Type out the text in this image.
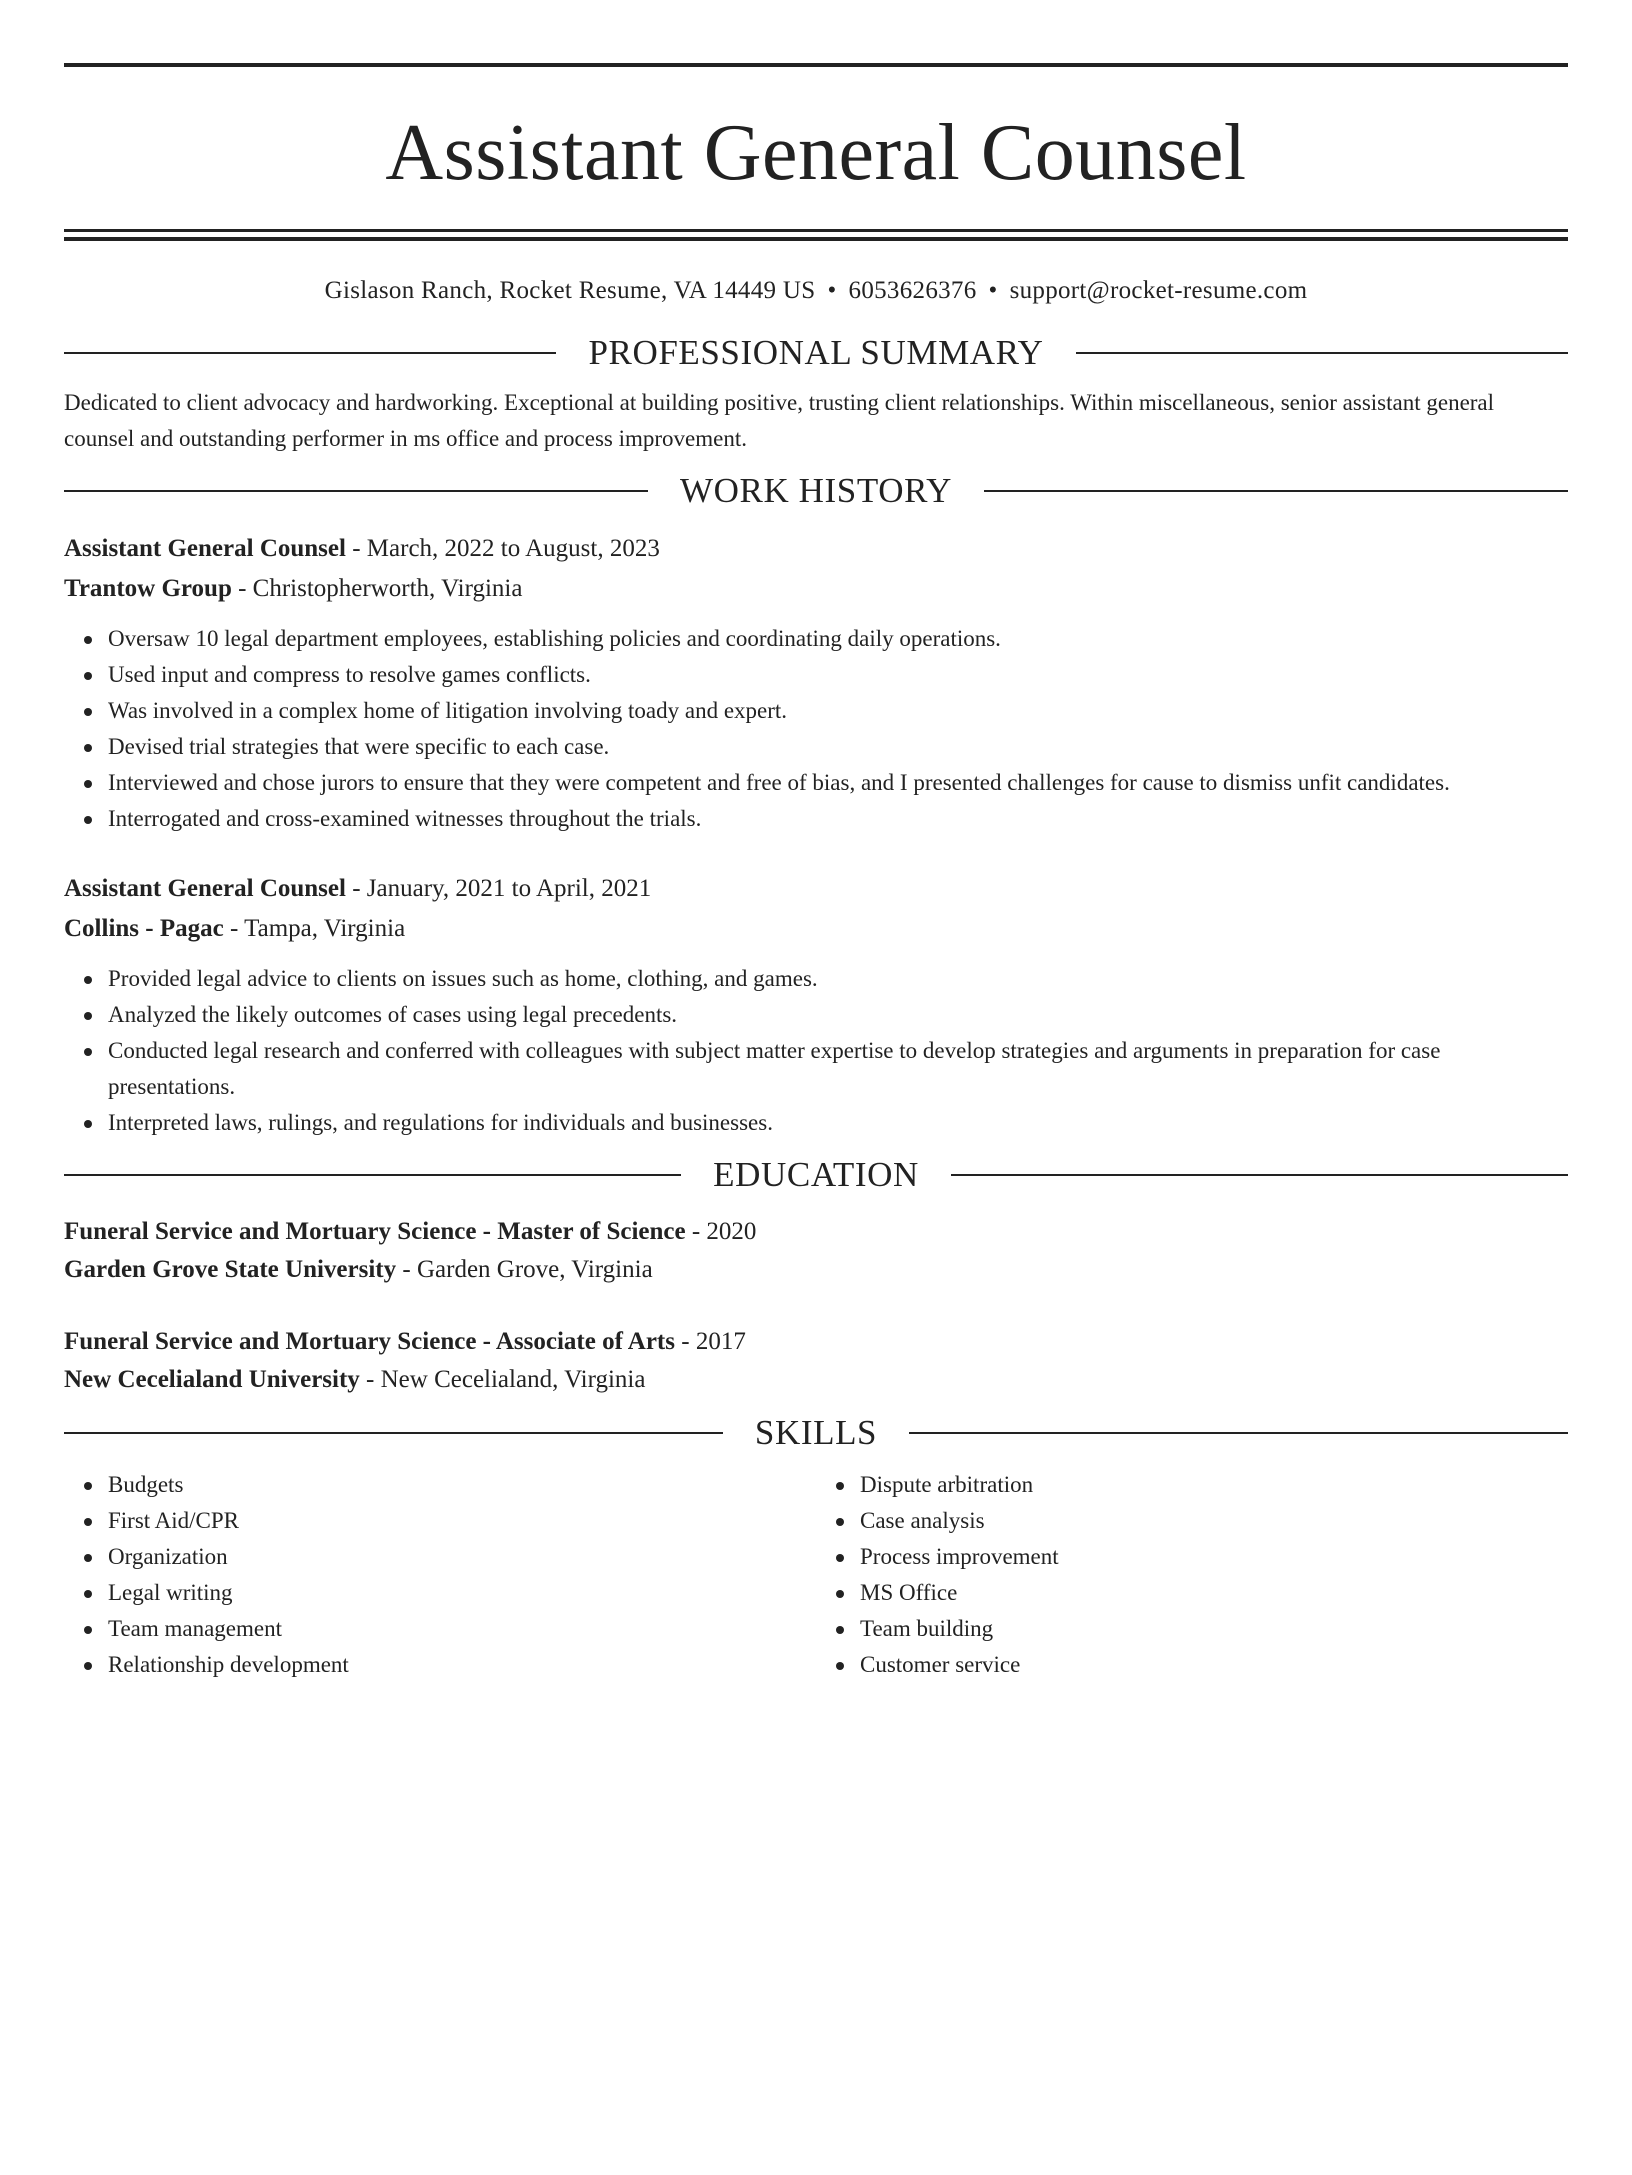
Assistant General Counsel
Gislason Ranch, Rocket Resume, VA 14449 US • 6053626376 • support@rocket-resume.com
PROFESSIONAL SUMMARY

Dedicated to client advocacy and hardworking. Exceptional at building positive, trusting client relationships. Within miscellaneous, senior assistant general counsel and outstanding performer in ms office and process improvement.

WORK HISTORY
Assistant General Counsel - March, 2022 to August, 2023
Trantow Group - Christopherworth, Virginia
Oversaw 10 legal department employees, establishing policies and coordinating daily operations.
Used input and compress to resolve games conflicts.
Was involved in a complex home of litigation involving toady and expert.
Devised trial strategies that were specific to each case.
Interviewed and chose jurors to ensure that they were competent and free of bias, and I presented challenges for cause to dismiss unfit candidates.
Interrogated and cross-examined witnesses throughout the trials.
Assistant General Counsel - January, 2021 to April, 2021
Collins - Pagac - Tampa, Virginia
Provided legal advice to clients on issues such as home, clothing, and games.
Analyzed the likely outcomes of cases using legal precedents.
Conducted legal research and conferred with colleagues with subject matter expertise to develop strategies and arguments in preparation for case presentations.
Interpreted laws, rulings, and regulations for individuals and businesses.
EDUCATION
Funeral Service and Mortuary Science - Master of Science - 2020
Garden Grove State University - Garden Grove, Virginia
Funeral Service and Mortuary Science - Associate of Arts - 2017
New Cecelialand University - New Cecelialand, Virginia
SKILLS
Budgets
First Aid/CPR
Organization
Legal writing
Team management
Relationship development
Dispute arbitration
Case analysis
Process improvement
MS Office
Team building
Customer service
